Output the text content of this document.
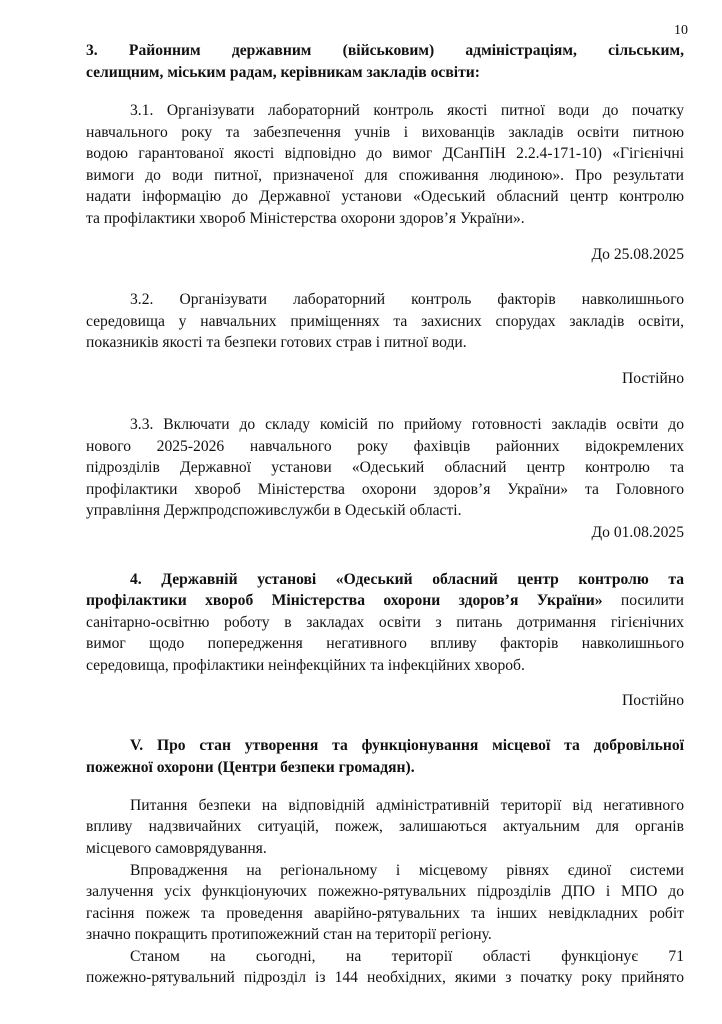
10
3. Районним державним (військовим) адміністраціям, сільським,
селищним, міським радам, керівникам закладів освіти:
3.1. Організувати лабораторний контроль якості питної води до початку
навчального року та забезпечення учнів і вихованців закладів освіти питною
водою гарантованої якості відповідно до вимог ДСанПіН 2.2.4-171-10) «Гігієнічні
вимоги до води питної, призначеної для споживання людиною». Про результати
надати інформацію до Державної установи «Одеський обласний центр контролю
та профілактики хвороб Міністерства охорони здоров’я України».
До 25.08.2025
3.2. Організувати лабораторний контроль факторів навколишнього
середовища у навчальних приміщеннях та захисних спорудах закладів освіти,
показників якості та безпеки готових страв і питної води.
Постійно
3.3. Включати до складу комісій по прийому готовності закладів освіти до
нового 2025-2026 навчального року фахівців районних відокремлених
підрозділів Державної установи «Одеський обласний центр контролю та
профілактики хвороб Міністерства охорони здоров’я України» та Головного
управління Держпродспоживслужби в Одеській області.
До 01.08.2025
4. Державній установі «Одеський обласний центр контролю та
профілактики хвороб Міністерства охорони здоров’я України» посилити
санітарно-освітню роботу в закладах освіти з питань дотримання гігієнічних
вимог щодо попередження негативного впливу факторів навколишнього
середовища, профілактики неінфекційних та інфекційних хвороб.
Постійно
V. Про стан утворення та функціонування місцевої та добровільної
пожежної охорони (Центри безпеки громадян).
Питання безпеки на відповідній адміністративній території від негативного
впливу надзвичайних ситуацій, пожеж, залишаються актуальним для органів
місцевого самоврядування.
Впровадження на регіональному і місцевому рівнях єдиної системи
залучення усіх функціонуючих пожежно-рятувальних підрозділів ДПО і МПО до
гасіння пожеж та проведення аварійно-рятувальних та інших невідкладних робіт
значно покращить протипожежний стан на території регіону.
Станом на сьогодні, на території області функціонує 71
пожежно-рятувальний підрозділ із 144 необхідних, якими з початку року прийнято
